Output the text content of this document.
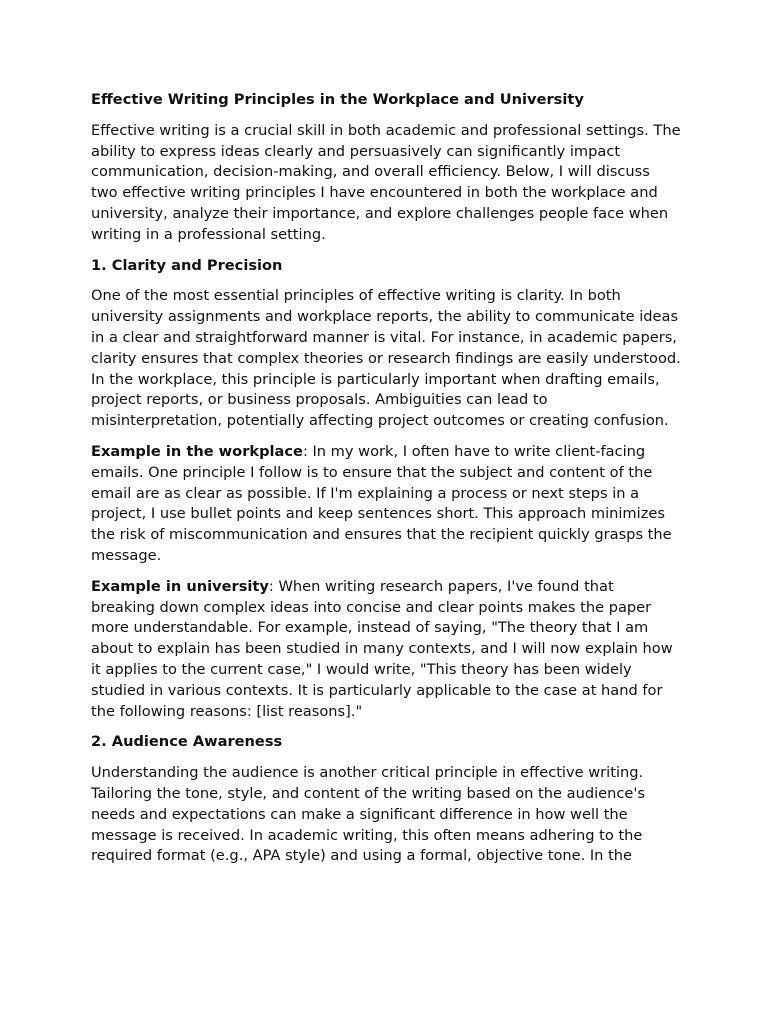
Effective Writing Principles in the Workplace and University

Effective writing is a crucial skill in both academic and professional settings. The ability to express ideas clearly and persuasively can significantly impact communication, decision-making, and overall efficiency. Below, I will discuss two effective writing principles I have encountered in both the workplace and university, analyze their importance, and explore challenges people face when writing in a professional setting.

1. Clarity and Precision

One of the most essential principles of effective writing is clarity. In both university assignments and workplace reports, the ability to communicate ideas in a clear and straightforward manner is vital. For instance, in academic papers, clarity ensures that complex theories or research findings are easily understood. In the workplace, this principle is particularly important when drafting emails, project reports, or business proposals. Ambiguities can lead to misinterpretation, potentially affecting project outcomes or creating confusion.

Example in the workplace: In my work, I often have to write client-facing emails. One principle I follow is to ensure that the subject and content of the email are as clear as possible. If I'm explaining a process or next steps in a project, I use bullet points and keep sentences short. This approach minimizes the risk of miscommunication and ensures that the recipient quickly grasps the message.

Example in university: When writing research papers, I've found that breaking down complex ideas into concise and clear points makes the paper more understandable. For example, instead of saying, "The theory that I am about to explain has been studied in many contexts, and I will now explain how it applies to the current case," I would write, "This theory has been widely studied in various contexts. It is particularly applicable to the case at hand for the following reasons: [list reasons]."

2. Audience Awareness

Understanding the audience is another critical principle in effective writing. Tailoring the tone, style, and content of the writing based on the audience's needs and expectations can make a significant difference in how well the message is received. In academic writing, this often means adhering to the required format (e.g., APA style) and using a formal, objective tone. In the
